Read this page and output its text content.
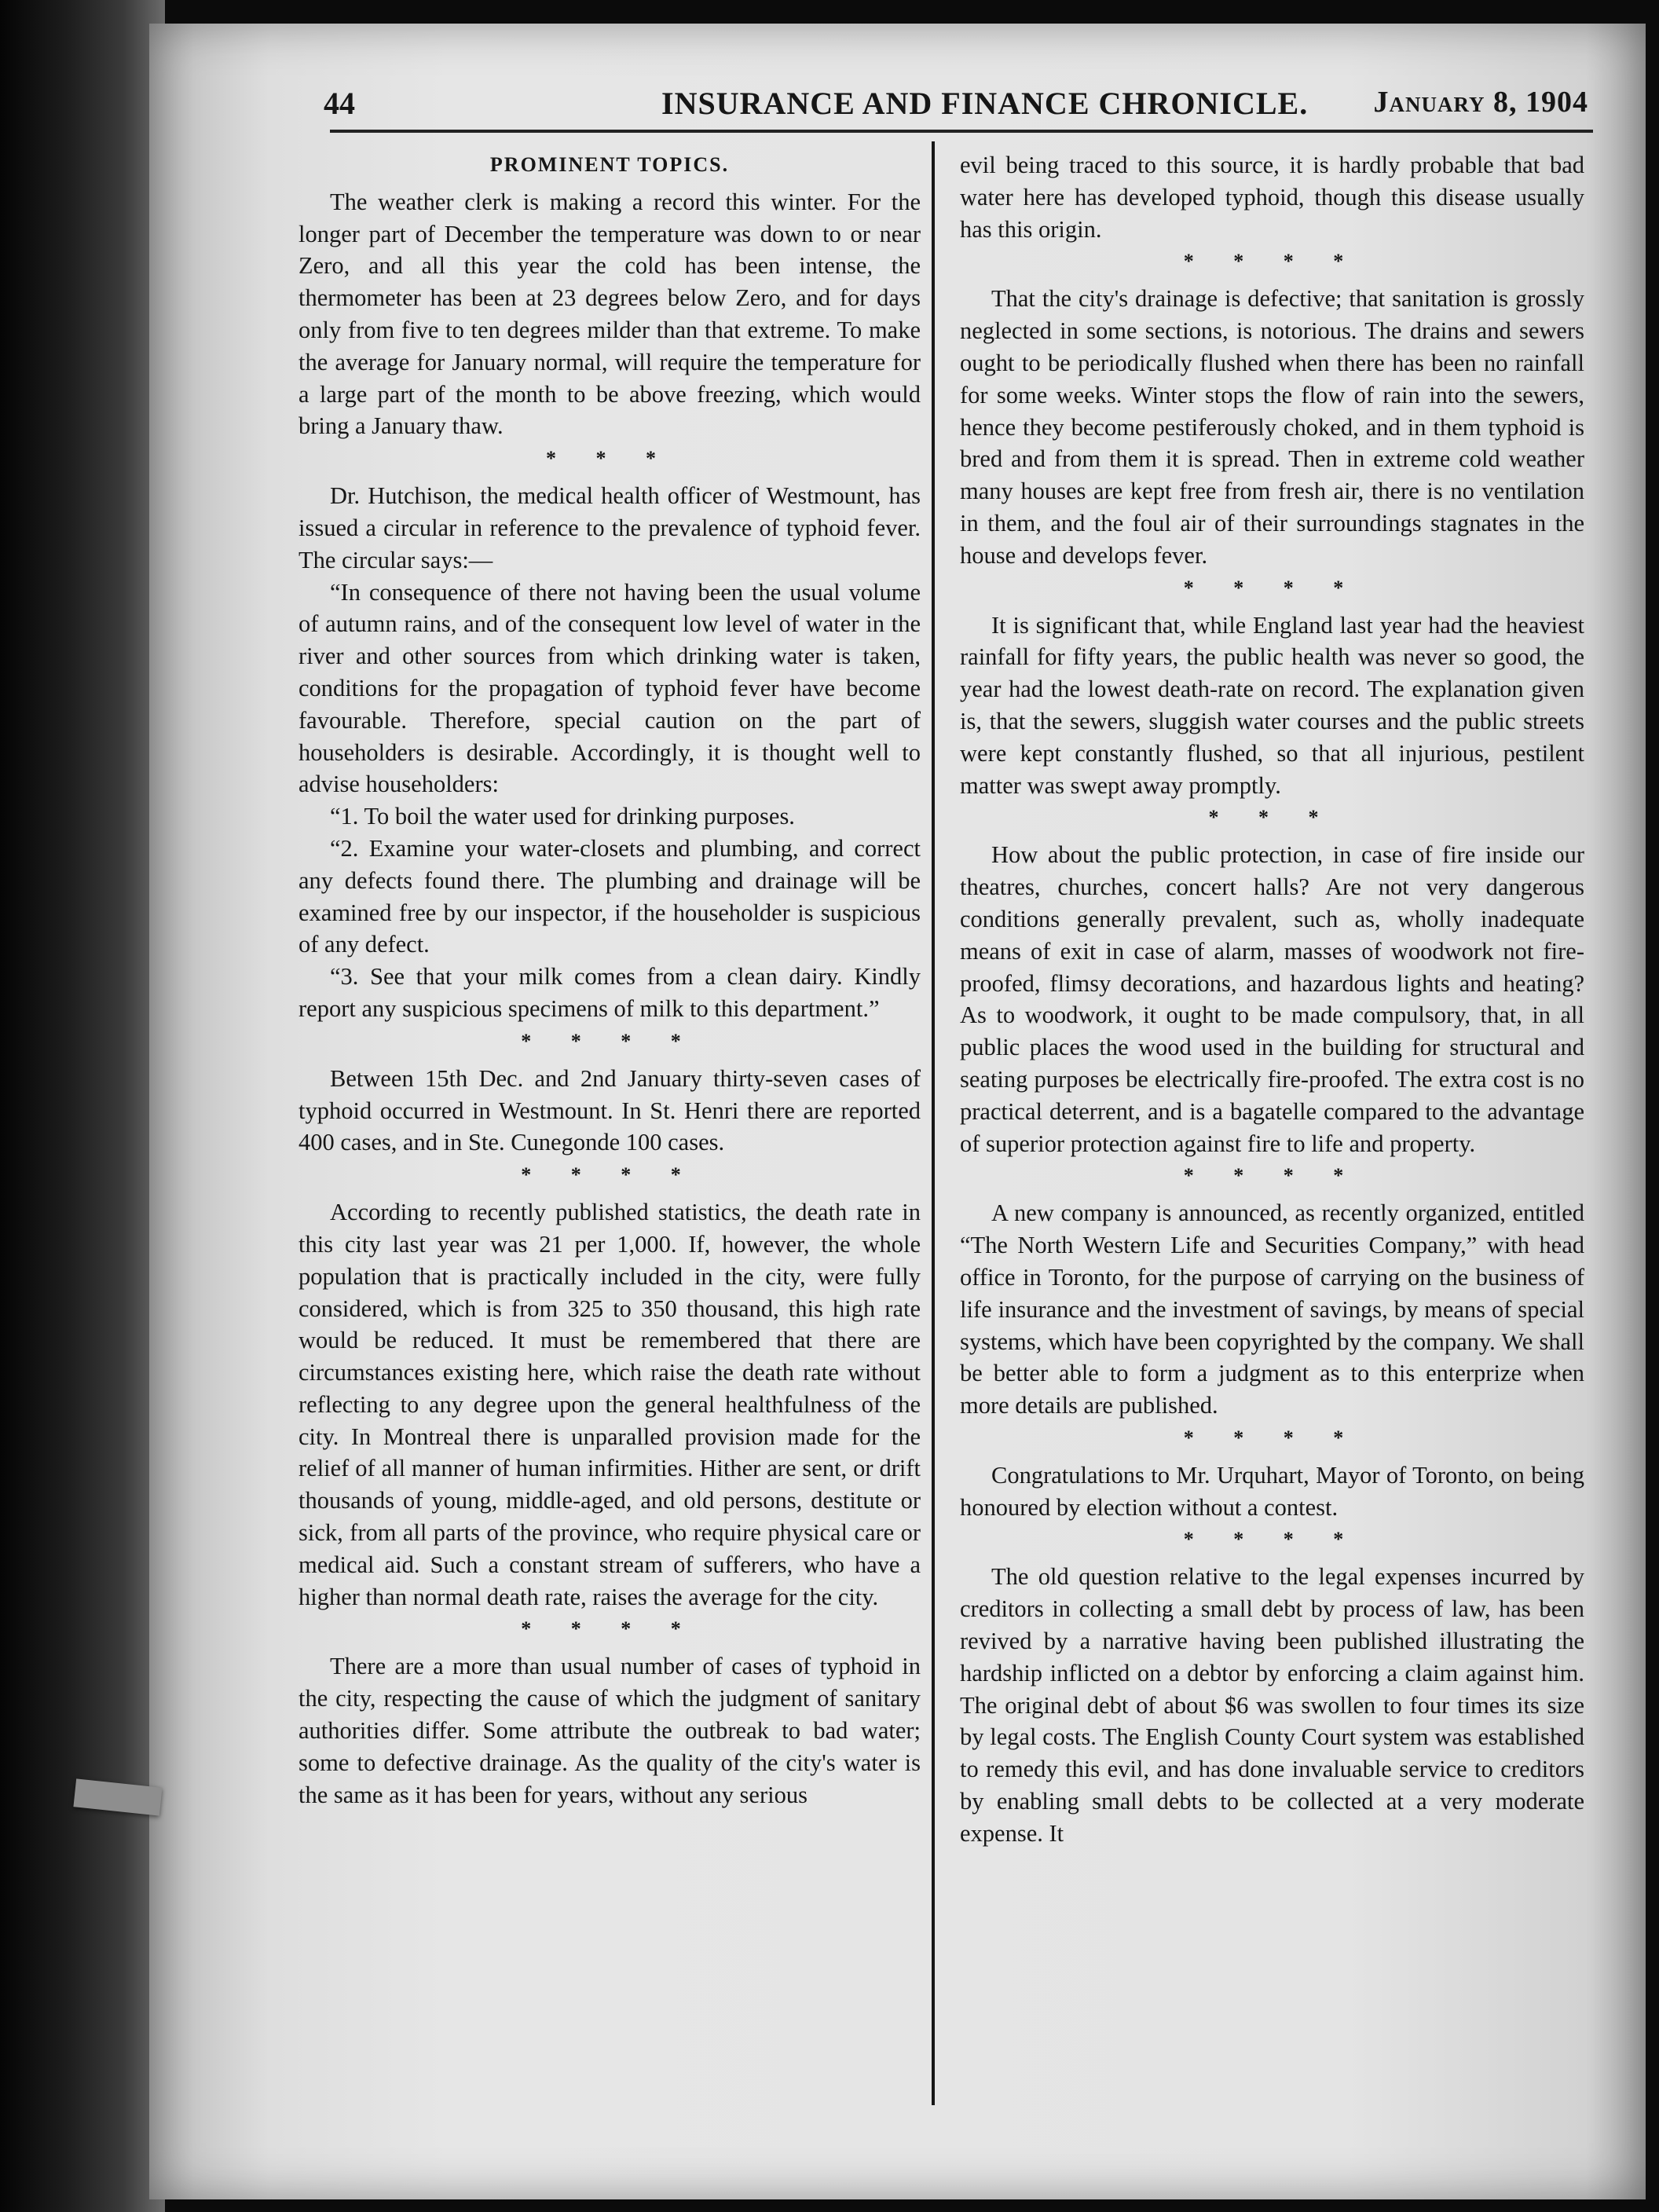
44	INSURANCE AND FINANCE CHRONICLE. January 8, 1904
PROMINENT TOPICS.

The weather clerk is making a record this winter. For the longer part of December the temperature was down to or near Zero, and all this year the cold has been intense, the thermometer has been at 23 degrees below Zero, and for days only from five to ten degrees milder than that extreme. To make the average for January normal, will require the temperature for a large part of the month to be above freezing, which would bring a January thaw.

* * *

Dr. Hutchison, the medical health officer of Westmount, has issued a circular in reference to the prevalence of typhoid fever. The circular says:—

“In consequence of there not having been the usual volume of autumn rains, and of the consequent low level of water in the river and other sources from which drinking water is taken, conditions for the propagation of typhoid fever have become favourable. Therefore, special caution on the part of householders is desirable. Accordingly, it is thought well to advise householders:

“1. To boil the water used for drinking purposes.

“2. Examine your water-closets and plumbing, and correct any defects found there. The plumbing and drainage will be examined free by our inspector, if the householder is suspicious of any defect.

“3. See that your milk comes from a clean dairy. Kindly report any suspicious specimens of milk to this department.”

* * * *

Between 15th Dec. and 2nd January thirty-seven cases of typhoid occurred in Westmount. In St. Henri there are reported 400 cases, and in Ste. Cunegonde 100 cases.

* * * *

According to recently published statistics, the death rate in this city last year was 21 per 1,000. If, however, the whole population that is practically included in the city, were fully considered, which is from 325 to 350 thousand, this high rate would be reduced. It must be remembered that there are circumstances existing here, which raise the death rate without reflecting to any degree upon the general healthfulness of the city. In Montreal there is unparalled provision made for the relief of all manner of human infirmities. Hither are sent, or drift thousands of young, middle-aged, and old persons, destitute or sick, from all parts of the province, who require physical care or medical aid. Such a constant stream of sufferers, who have a higher than normal death rate, raises the average for the city.

* * * *

There are a more than usual number of cases of typhoid in the city, respecting the cause of which the judgment of sanitary authorities differ. Some attribute the outbreak to bad water; some to defective drainage. As the quality of the city's water is the same as it has been for years, without any serious

evil being traced to this source, it is hardly probable that bad water here has developed typhoid, though this disease usually has this origin.

* * * *

That the city's drainage is defective; that sanitation is grossly neglected in some sections, is notorious. The drains and sewers ought to be periodically flushed when there has been no rainfall for some weeks. Winter stops the flow of rain into the sewers, hence they become pestiferously choked, and in them typhoid is bred and from them it is spread. Then in extreme cold weather many houses are kept free from fresh air, there is no ventilation in them, and the foul air of their surroundings stagnates in the house and develops fever.

* * * *

It is significant that, while England last year had the heaviest rainfall for fifty years, the public health was never so good, the year had the lowest death-rate on record. The explanation given is, that the sewers, sluggish water courses and the public streets were kept constantly flushed, so that all injurious, pestilent matter was swept away promptly.

* * *

How about the public protection, in case of fire inside our theatres, churches, concert halls? Are not very dangerous conditions generally prevalent, such as, wholly inadequate means of exit in case of alarm, masses of woodwork not fire-proofed, flimsy decorations, and hazardous lights and heating? As to woodwork, it ought to be made compulsory, that, in all public places the wood used in the building for structural and seating purposes be electrically fire-proofed. The extra cost is no practical deterrent, and is a bagatelle compared to the advantage of superior protection against fire to life and property.

* * * *

A new company is announced, as recently organized, entitled “The North Western Life and Securities Company,” with head office in Toronto, for the purpose of carrying on the business of life insurance and the investment of savings, by means of special systems, which have been copyrighted by the company. We shall be better able to form a judgment as to this enterprize when more details are published.

* * * *

Congratulations to Mr. Urquhart, Mayor of Toronto, on being honoured by election without a contest.

* * * *

The old question relative to the legal expenses incurred by creditors in collecting a small debt by process of law, has been revived by a narrative having been published illustrating the hardship inflicted on a debtor by enforcing a claim against him. The original debt of about $6 was swollen to four times its size by legal costs. The English County Court system was established to remedy this evil, and has done invaluable service to creditors by enabling small debts to be collected at a very moderate expense. It
